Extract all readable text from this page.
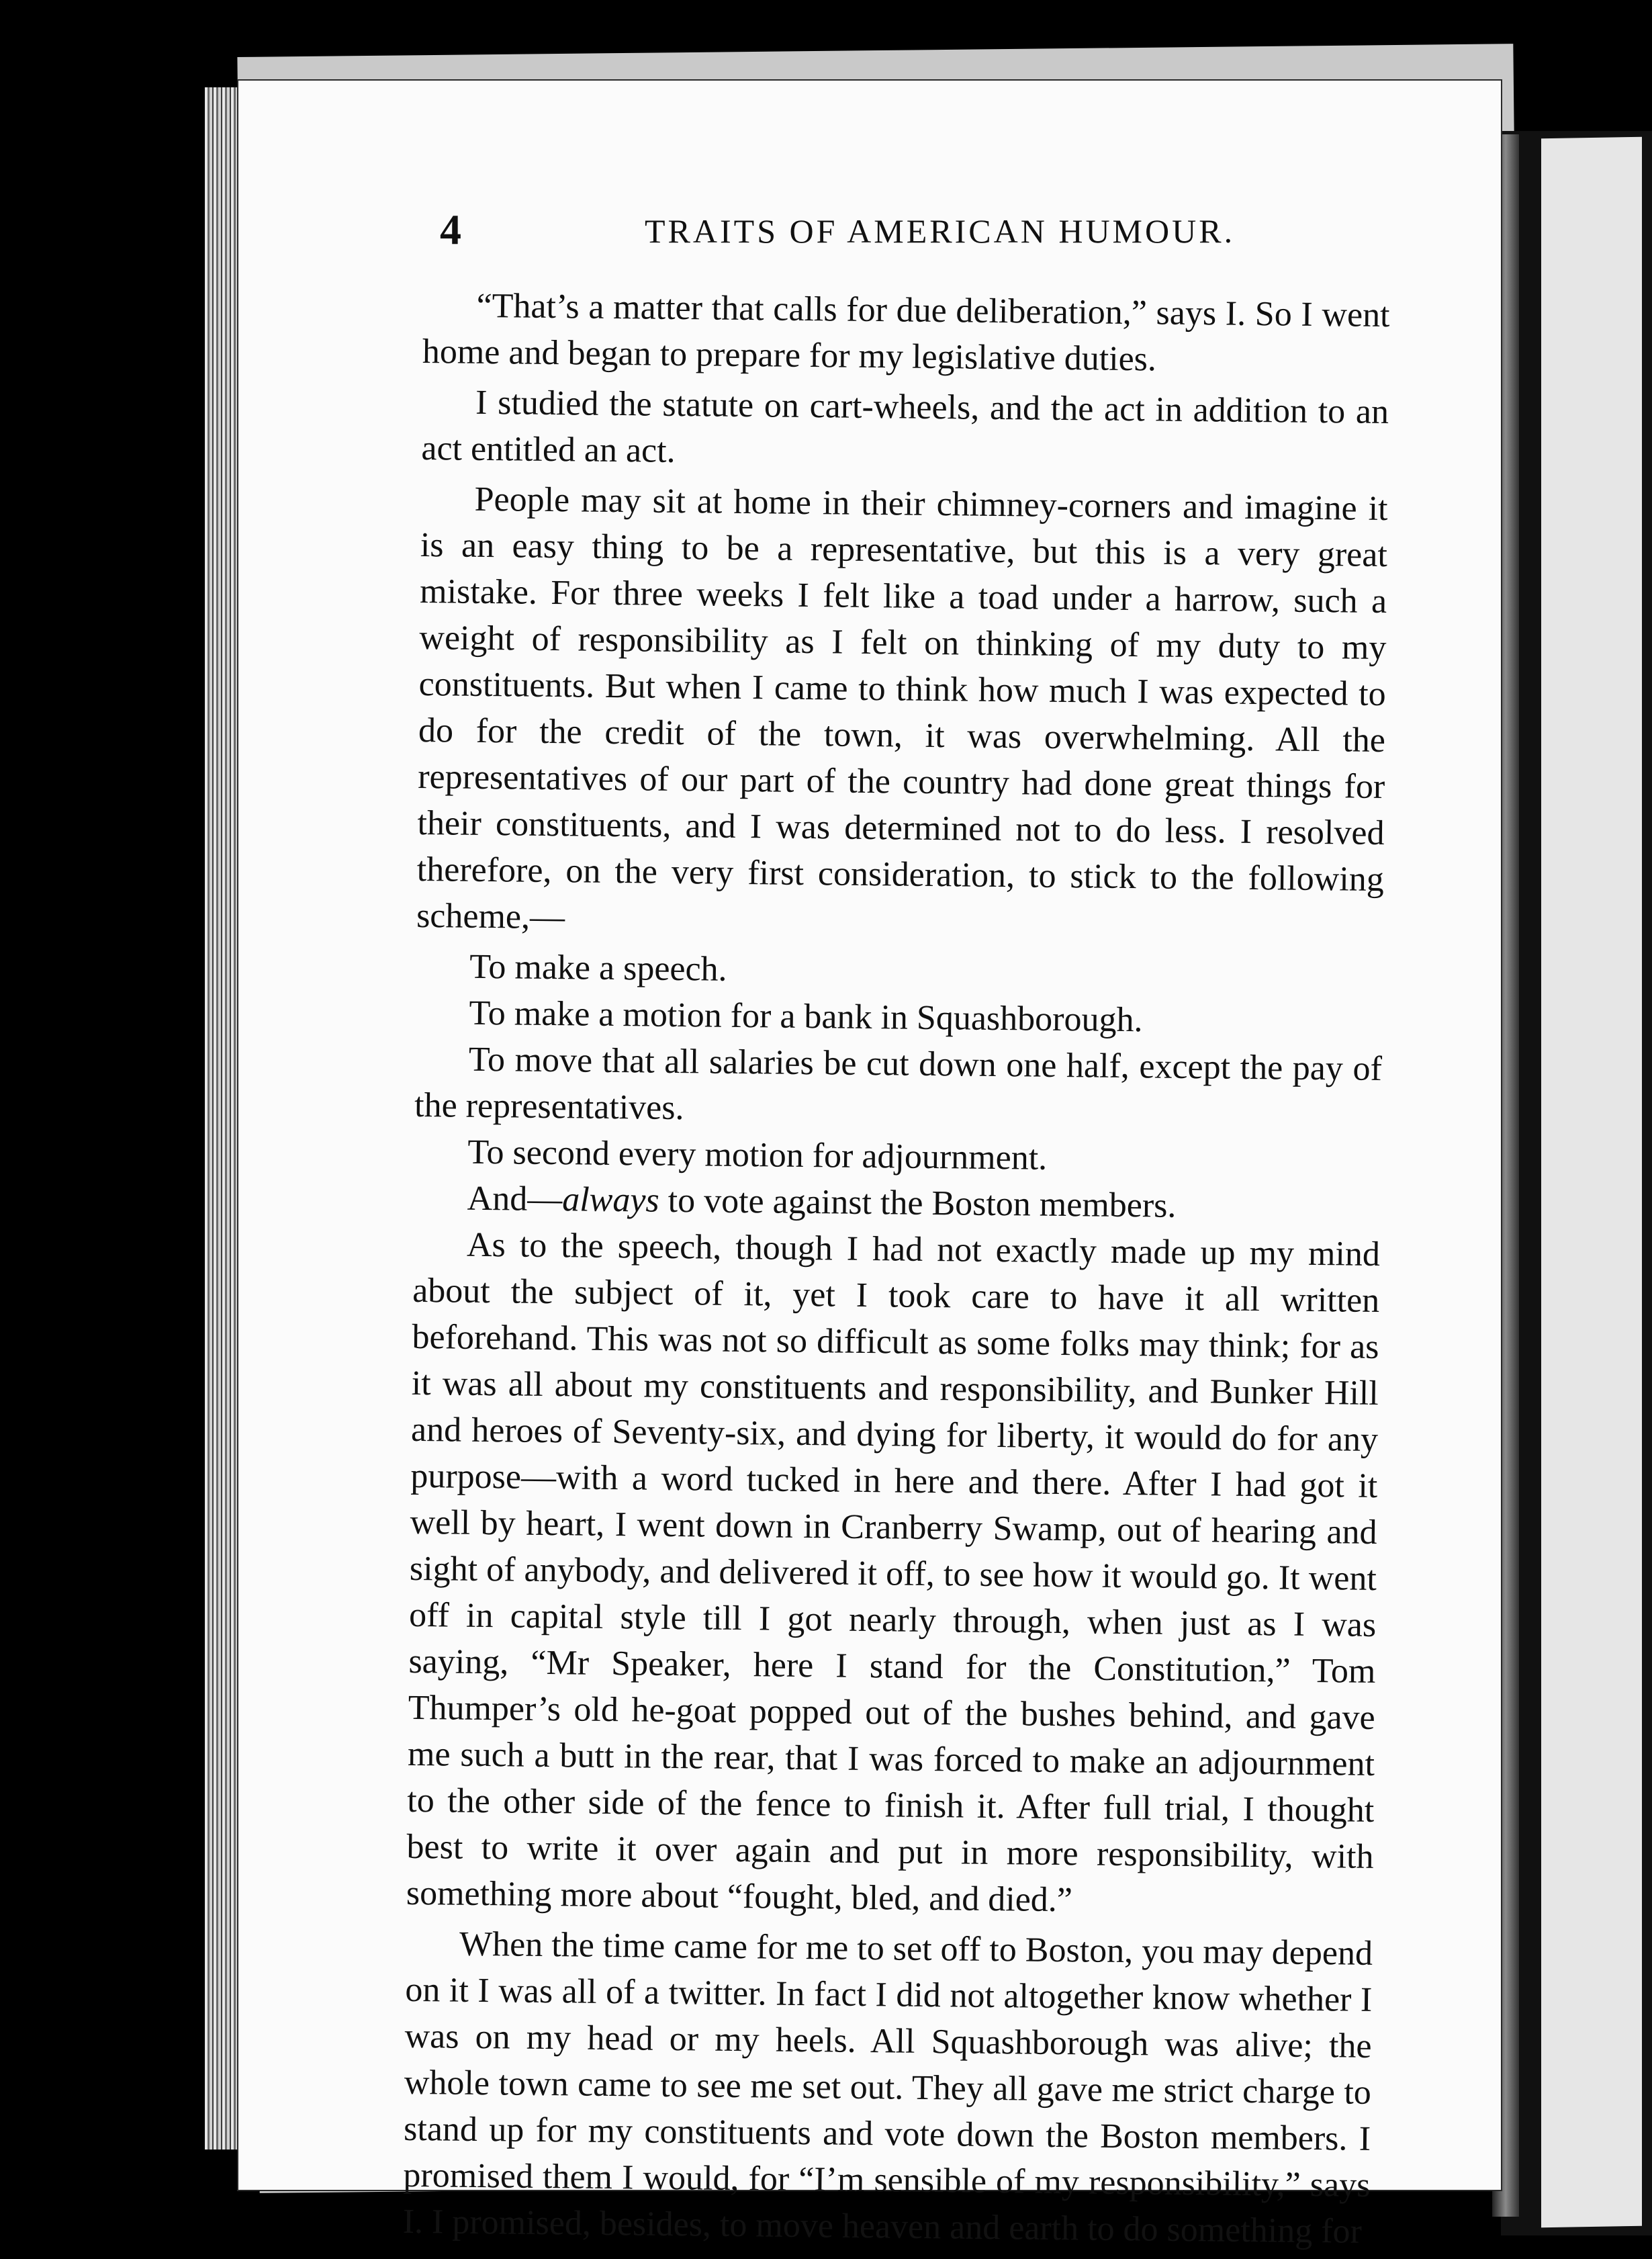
4	TRAITS OF AMERICAN HUMOUR.

“That’s a matter that calls for due deliberation,” says I. So I went home and began to prepare for my legislative duties.

I studied the statute on cart-wheels, and the act in addition to an act entitled an act.

People may sit at home in their chimney-corners and imagine it is an easy thing to be a representative, but this is a very great mistake. For three weeks I felt like a toad under a harrow, such a weight of responsibility as I felt on thinking of my duty to my constituents. But when I came to think how much I was expected to do for the credit of the town, it was overwhelming. All the representatives of our part of the country had done great things for their constituents, and I was determined not to do less. I resolved therefore, on the very first consideration, to stick to the following scheme,—

To make a speech.

To make a motion for a bank in Squashborough.

To move that all salaries be cut down one half, except the pay of the representatives.

To second every motion for adjournment.

And—always to vote against the Boston members.

As to the speech, though I had not exactly made up my mind about the subject of it, yet I took care to have it all written beforehand. This was not so difficult as some folks may think; for as it was all about my constituents and responsibility, and Bunker Hill and heroes of Seventy-six, and dying for liberty, it would do for any purpose—with a word tucked in here and there. After I had got it well by heart, I went down in Cranberry Swamp, out of hearing and sight of anybody, and delivered it off, to see how it would go. It went off in capital style till I got nearly through, when just as I was saying, “Mr Speaker, here I stand for the Constitution,” Tom Thumper’s old he-goat popped out of the bushes behind, and gave me such a butt in the rear, that I was forced to make an adjournment to the other side of the fence to finish it. After full trial, I thought best to write it over again and put in more responsibility, with something more about “fought, bled, and died.”

When the time came for me to set off to Boston, you may depend on it I was all of a twitter. In fact I did not altogether know whether I was on my head or my heels. All Squashborough was alive; the whole town came to see me set out. They all gave me strict charge to stand up for my constituents and vote down the Boston members. I promised them I would, for “I’m sensible of my responsibility,” says I. I promised, besides, to move heaven and earth to do something for
